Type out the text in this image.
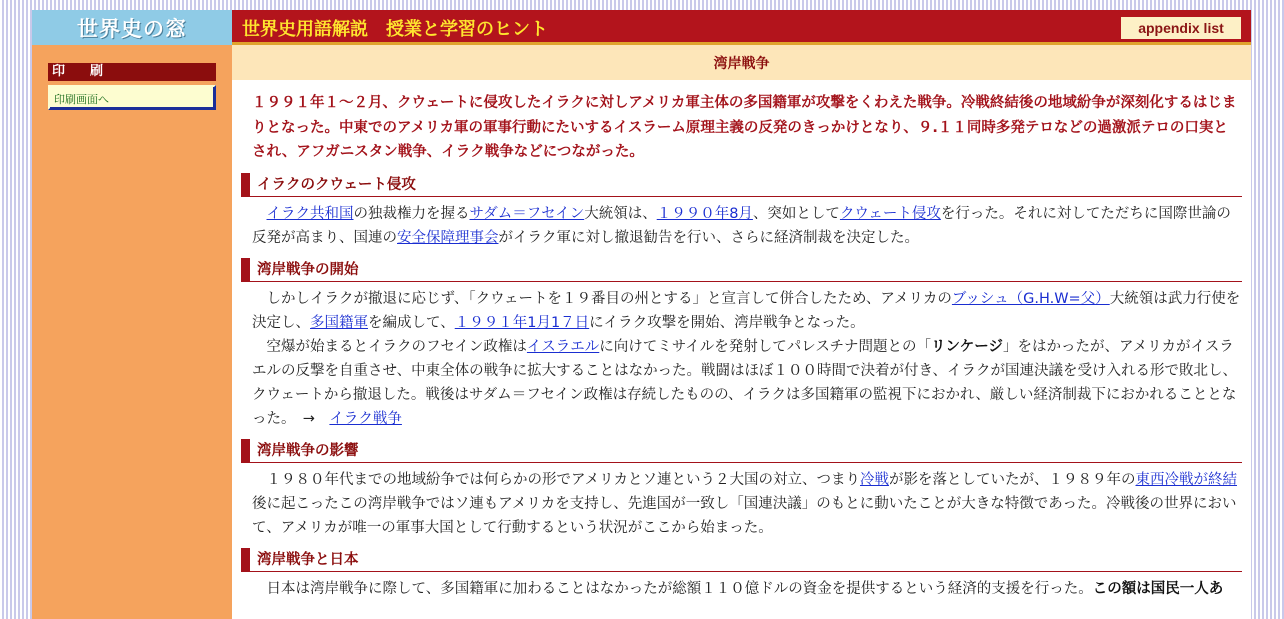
世界史の窓	世界史用語解説　授業と学習のヒント	appendix list
印　刷
印刷画面へ
湾岸戦争

１９９１年１～２月、クウェートに侵攻したイラクに対しアメリカ軍主体の多国籍軍が攻撃をくわえた戦争。冷戦終結後の地域紛争が深刻化するはじまりとなった。中東でのアメリカ軍の軍事行動にたいするイスラーム原理主義の反発のきっかけとなり、９.１１同時多発テロなどの過激派テロの口実とされ、アフガニスタン戦争、イラク戦争などにつながった。

イラクのクウェート侵攻

イラク共和国の独裁権力を握るサダム＝フセイン大統領は、１９９０年8月、突如としてクウェート侵攻を行った。それに対してただちに国際世論の反発が高まり、国連の安全保障理事会がイラク軍に対し撤退勧告を行い、さらに経済制裁を決定した。

湾岸戦争の開始

しかしイラクが撤退に応じず、「クウェートを１９番目の州とする」と宣言して併合したため、アメリカのブッシュ（G.H.W=父）大統領は武力行使を決定し、多国籍軍を編成して、１９９１年1月1７日にイラク攻撃を開始、湾岸戦争となった。

空爆が始まるとイラクのフセイン政権はイスラエルに向けてミサイルを発射してパレスチナ問題との「リンケージ」をはかったが、アメリカがイスラエルの反撃を自重させ、中東全体の戦争に拡大することはなかった。戦闘はほぼ１００時間で決着が付き、イラクが国連決議を受け入れる形で敗北し、クウェートから撤退した。戦後はサダム＝フセイン政権は存続したものの、イラクは多国籍軍の監視下におかれ、厳しい経済制裁下におかれることとなった。　→　イラク戦争

湾岸戦争の影響

１９８０年代までの地域紛争では何らかの形でアメリカとソ連という２大国の対立、つまり冷戦が影を落としていたが、１９８９年の東西冷戦が終結後に起こったこの湾岸戦争ではソ連もアメリカを支持し、先進国が一致し「国連決議」のもとに動いたことが大きな特徴であった。冷戦後の世界において、アメリカが唯一の軍事大国として行動するという状況がここから始まった。

湾岸戦争と日本

日本は湾岸戦争に際して、多国籍軍に加わることはなかったが総額１１０億ドルの資金を提供するという経済的支援を行った。この額は国民一人あ
